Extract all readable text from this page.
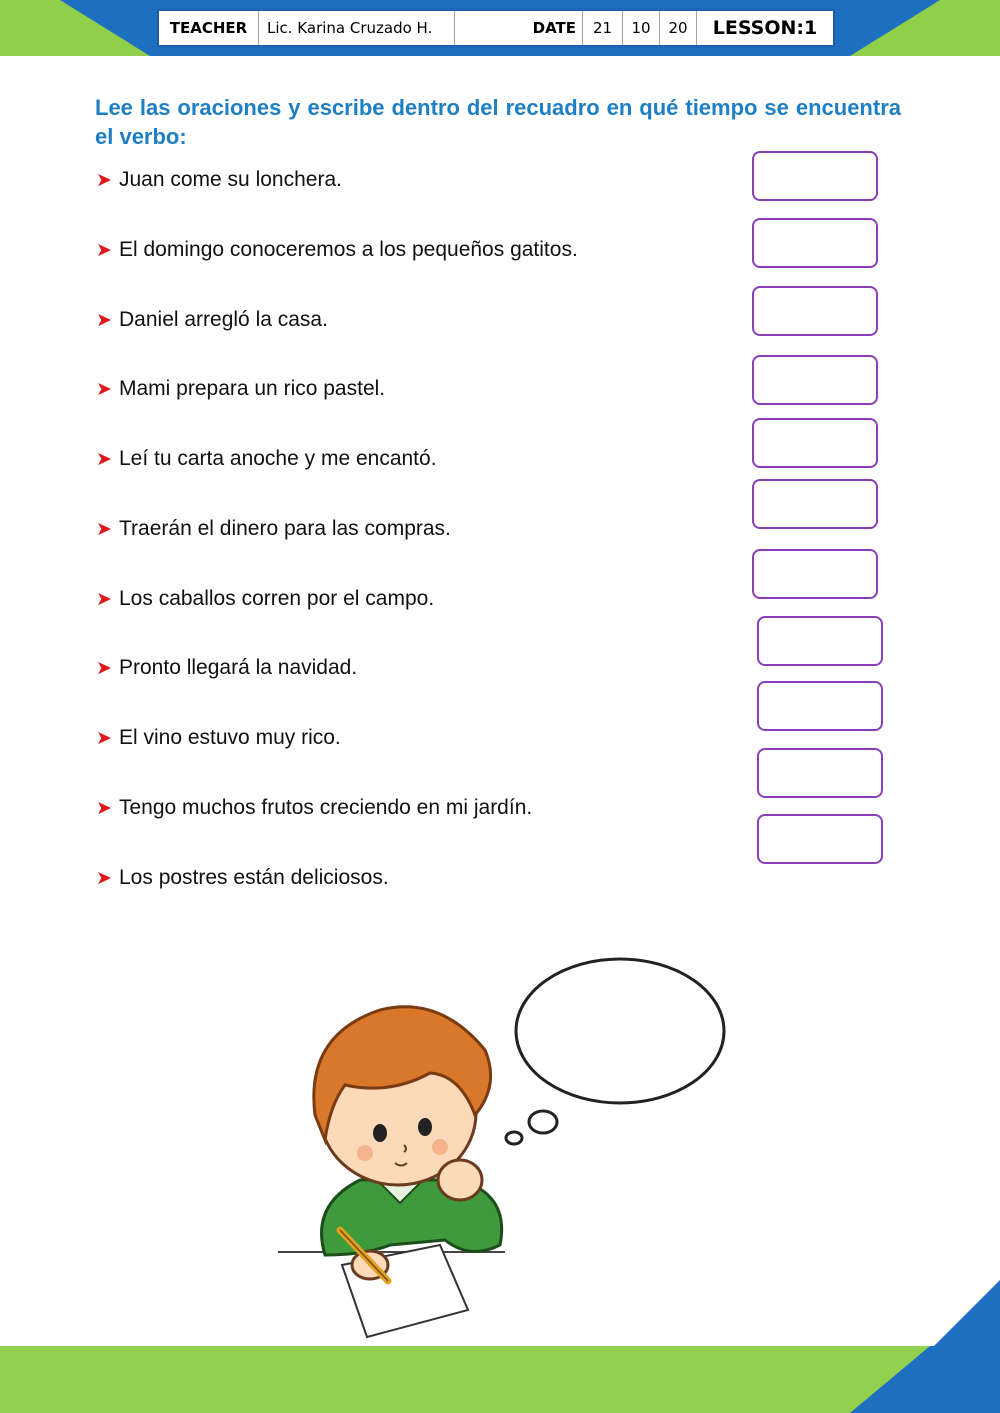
TEACHER	Lic. Karina Cruzado H.	DATE	21	10	20	LESSON:1
Lee las oraciones y escribe dentro del recuadro en qué tiempo se encuentra el verbo:
➤ Juan come su lonchera.
➤ El domingo conoceremos a los pequeños gatitos.
➤ Daniel arregló la casa.
➤ Mami prepara un rico pastel.
➤ Leí tu carta anoche y me encantó.
➤ Traerán el dinero para las compras.
➤ Los caballos corren por el campo.
➤ Pronto llegará la navidad.
➤ El vino estuvo muy rico.
➤ Tengo muchos frutos creciendo en mi jardín.
➤ Los postres están deliciosos.
